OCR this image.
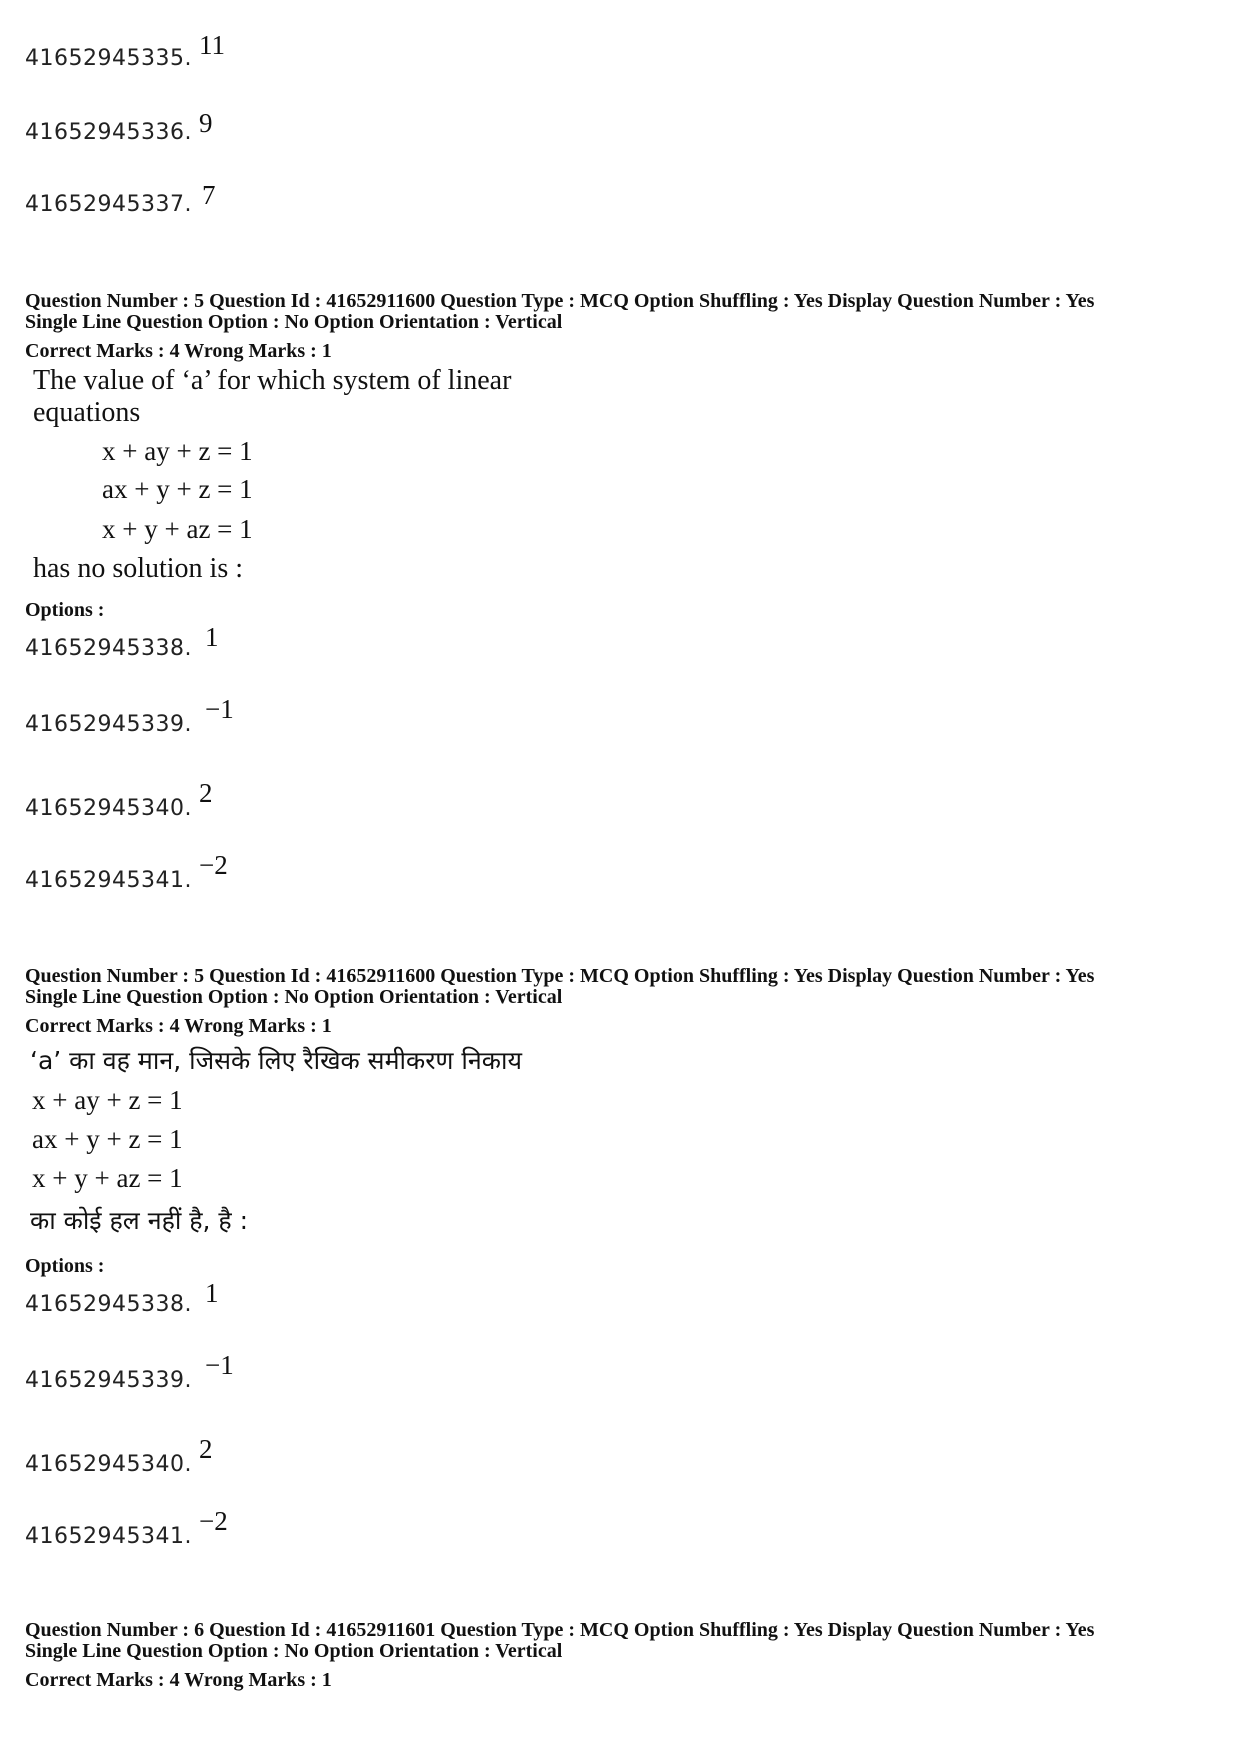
41652945335. 11
41652945336. 9
41652945337. 7
Question Number : 5 Question Id : 41652911600 Question Type : MCQ Option Shuffling : Yes Display Question Number : Yes
Single Line Question Option : No Option Orientation : Vertical
Correct Marks : 4 Wrong Marks : 1
The value of ‘a’ for which system of linear
equations
x + ay + z = 1
ax + y + z = 1
x + y + az = 1
has no solution is :
Options :
41652945338. 1
41652945339.
−1
41652945340.
2
41652945341.
−2
Question Number : 5 Question Id : 41652911600 Question Type : MCQ Option Shuffling : Yes Display Question Number : Yes
Single Line Question Option : No Option Orientation : Vertical
Correct Marks : 4 Wrong Marks : 1
‘a’ का वह मान, जिसके लिए रैखिक समीकरण निकाय
x + ay + z = 1
ax + y + z = 1
x + y + az = 1
का कोई हल नहीं है, है :
Options :
41652945338. 1
41652945339.
−1
41652945340.
2
41652945341.
−2
Question Number : 6 Question Id : 41652911601 Question Type : MCQ Option Shuffling : Yes Display Question Number : Yes
Single Line Question Option : No Option Orientation : Vertical
Correct Marks : 4 Wrong Marks : 1
